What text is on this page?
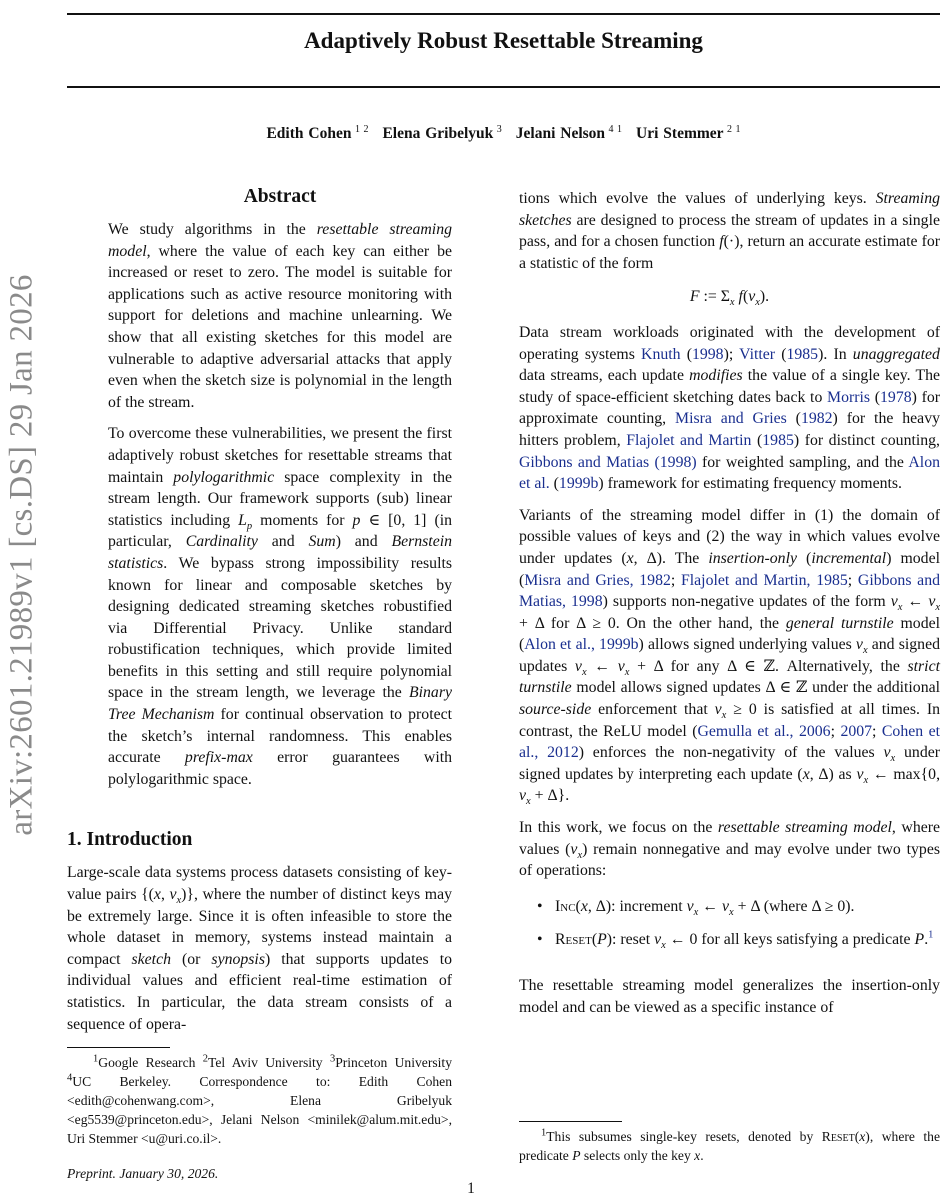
arXiv:2601.21989v1 [cs.DS] 29 Jan 2026
Adaptively Robust Resettable Streaming
Edith Cohen $^{1 2}$ Elena Gribelyuk $^3$ Jelani Nelson $^{4 1}$ Uri Stemmer $^{2 1}$
Abstract

We study algorithms in the resettable streaming model, where the value of each key can either be increased or reset to zero. The model is suitable for applications such as active resource monitoring with support for deletions and machine unlearning. We show that all existing sketches for this model are vulnerable to adaptive adversarial attacks that apply even when the sketch size is polynomial in the length of the stream.

To overcome these vulnerabilities, we present the first adaptively robust sketches for resettable streams that maintain polylogarithmic space complexity in the stream length. Our framework supports (sub) linear statistics including $L_p$ moments for p ∈ [0, 1] (in particular, Cardinality and Sum) and Bernstein statistics. We bypass strong impossibility results known for linear and composable sketches by designing dedicated streaming sketches robustified via Differential Privacy. Unlike standard robustification techniques, which provide limited benefits in this setting and still require polynomial space in the stream length, we leverage the Binary Tree Mechanism for continual observation to protect the sketch’s internal randomness. This enables accurate prefix-max error guarantees with polylogarithmic space.

1. Introduction

Large-scale data systems process datasets consisting of key-value pairs {(x, $v_x$)}, where the number of distinct keys may be extremely large. Since it is often infeasible to store the whole dataset in memory, systems instead maintain a compact sketch (or synopsis) that supports updates to individual values and efficient real-time estimation of statistics. In particular, the data stream consists of a sequence of opera-

$^1$Google Research $^2$Tel Aviv University $^3$Princeton University $^4$UC Berkeley. Correspondence to: Edith Cohen <edith@cohenwang.com>, Elena Gribelyuk <eg5539@princeton.edu>, Jelani Nelson <minilek@alum.mit.edu>, Uri Stemmer <u@uri.co.il>.
Preprint. January 30, 2026.

tions which evolve the values of underlying keys. Streaming sketches are designed to process the stream of updates in a single pass, and for a chosen function f(·), return an accurate estimate for a statistic of the form

F := $\Sigma_x$ $f(v_x)$.

Data stream workloads originated with the development of operating systems Knuth (1998); Vitter (1985). In unaggregated data streams, each update modifies the value of a single key. The study of space-efficient sketching dates back to Morris (1978) for approximate counting, Misra and Gries (1982) for the heavy hitters problem, Flajolet and Martin (1985) for distinct counting, Gibbons and Matias (1998) for weighted sampling, and the Alon et al. (1999b) framework for estimating frequency moments.

Variants of the streaming model differ in (1) the domain of possible values of keys and (2) the way in which values evolve under updates (x, Δ). The insertion-only (incremental) model (Misra and Gries, 1982; Flajolet and Martin, 1985; Gibbons and Matias, 1998) supports non-negative updates of the form $v_x$ ← $v_x + \Delta$ for Δ ≥ 0. On the other hand, the general turnstile model (Alon et al., 1999b) allows signed underlying values $v_x$ and signed updates $v_x$ ← $v_x + \Delta$ for any Δ ∈ ℤ. Alternatively, the strict turnstile model allows signed updates Δ ∈ ℤ under the additional source-side enforcement that $v_x \ge 0$ is satisfied at all times. In contrast, the ReLU model (Gemulla et al., 2006; 2007; Cohen et al., 2012) enforces the non-negativity of the values $v_x$ under signed updates by interpreting each update (x, Δ) as $v_x$ ← max{0, $v_x + \Delta$}.

In this work, we focus on the resettable streaming model, where values $(v_x)$ remain nonnegative and may evolve under two types of operations:

• Inc(x, Δ): increment $v_x$ ← $v_x + \Delta$ (where Δ ≥ 0).
• Reset(P): reset $v_x$ ← 0 for all keys satisfying a predicate P.$^1$

The resettable streaming model generalizes the insertion-only model and can be viewed as a specific instance of

$^1$This subsumes single-key resets, denoted by Reset(x), where the predicate P selects only the key x.
1
